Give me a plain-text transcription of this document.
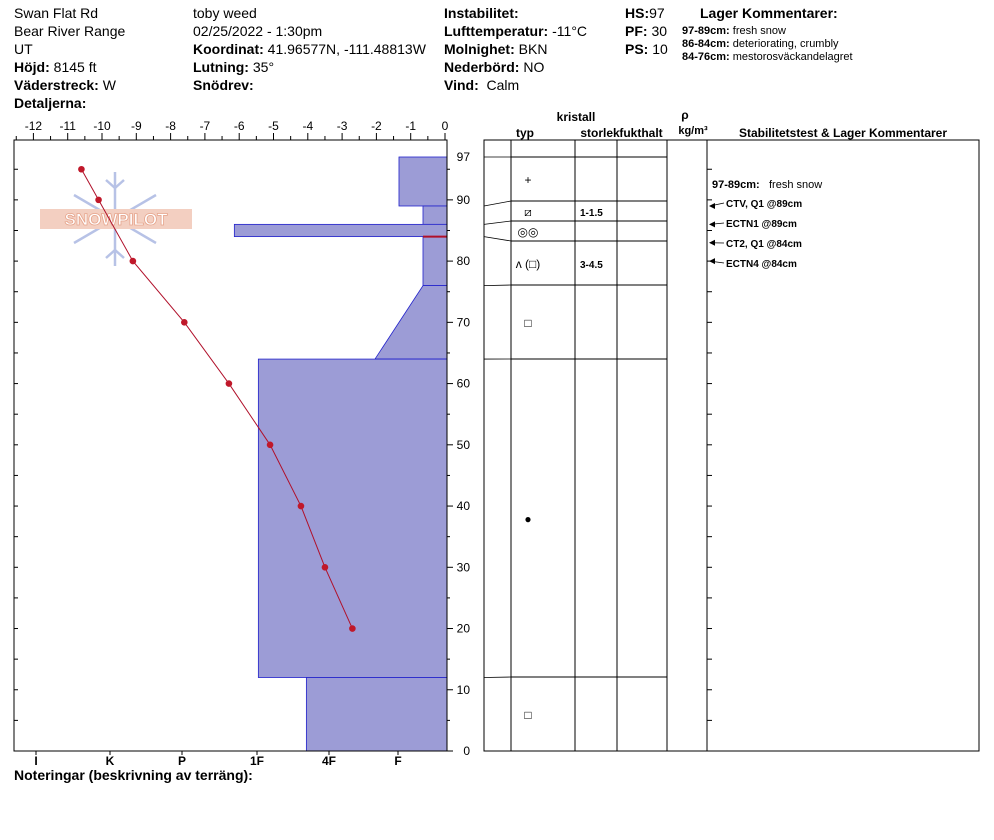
Swan Flat Rd
Bear River Range
UT
Höjd: 8145 ft
Väderstreck: W
Detaljerna:
toby weed
02/25/2022 - 1:30pm
Koordinat: 41.96577N, -111.48813W
Lutning: 35°
Snödrev:
Instabilitet:
Lufttemperatur: -11°C
Molnighet: BKN
Nederbörd: NO
Vind: Calm
HS:97
PF: 30
PS: 10
Lager Kommentarer:
97-89cm: fresh snow
86-84cm: deteriorating, crumbly
84-76cm: mestorosväckandelagret
SNOWPILOT
-12 -11 -10 -9 -8 -7 -6 -5 -4 -3 -2 -1 0
0
10
20
30
40
50
60
70
80
90
97
I	K	P	1F	4F	F
kristall
typ	storlek fukthalt
ρ
kg/m³	Stabilitetstest & Lager Kommentarer
+
⧄	1-1.5
◎◎
ʌ (□)	3-4.5
□
●
□
97-89cm: fresh snow
CTV, Q1 @89cm
ECTN1 @89cm
CT2, Q1 @84cm
ECTN4 @84cm
Noteringar (beskrivning av terräng):
